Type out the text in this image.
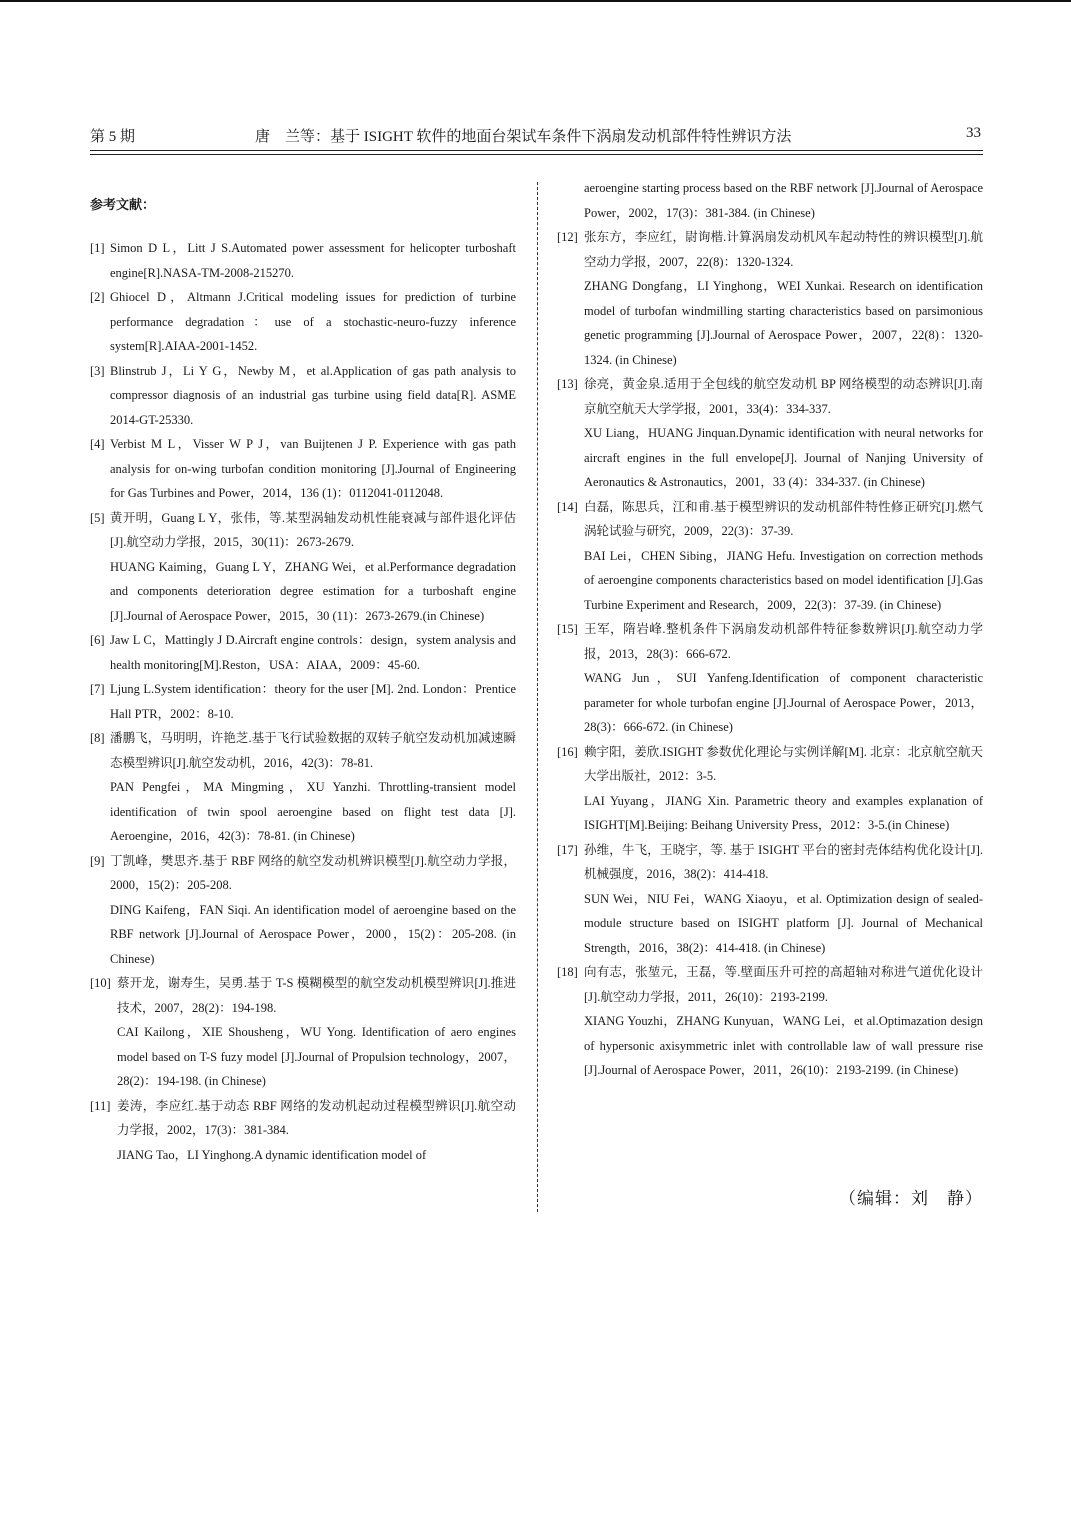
第 5 期	唐　兰等：基于 ISIGHT 软件的地面台架试车条件下涡扇发动机部件特性辨识方法	33
参考文献：
[1] Simon D L，Litt J S.Automated power assessment for helicopter turboshaft engine[R].NASA-TM-2008-215270.
[2] Ghiocel D，Altmann J.Critical modeling issues for prediction of turbine performance degradation：use of a stochastic-neuro-fuzzy inference system[R].AIAA-2001-1452.
[3] Blinstrub J，Li Y G，Newby M，et al.Application of gas path analysis to compressor diagnosis of an industrial gas turbine using field data[R]. ASME 2014-GT-25330.
[4] Verbist M L，Visser W P J，van Buijtenen J P. Experience with gas path analysis for on-wing turbofan condition monitoring [J].Journal of Engineering for Gas Turbines and Power，2014，136 (1)：0112041-0112048.
[5] 黄开明，Guang L Y，张伟，等.某型涡轴发动机性能衰减与部件退化评估[J].航空动力学报，2015，30(11)：2673-2679.
HUANG Kaiming，Guang L Y，ZHANG Wei，et al.Performance degradation and components deterioration degree estimation for a turboshaft engine [J].Journal of Aerospace Power，2015，30 (11)：2673-2679.(in Chinese)
[6] Jaw L C，Mattingly J D.Aircraft engine controls：design，system analysis and health monitoring[M].Reston，USA：AIAA，2009：45-60.
[7] Ljung L.System identification：theory for the user [M]. 2nd. London：Prentice Hall PTR，2002：8-10.
[8] 潘鹏飞，马明明，许艳芝.基于飞行试验数据的双转子航空发动机加减速瞬态模型辨识[J].航空发动机，2016，42(3)：78-81.
PAN Pengfei，MA Mingming，XU Yanzhi. Throttling-transient model identification of twin spool aeroengine based on flight test data [J]. Aeroengine，2016，42(3)：78-81. (in Chinese)
[9] 丁凯峰，樊思齐.基于 RBF 网络的航空发动机辨识模型[J].航空动力学报，2000，15(2)：205-208.
DING Kaifeng，FAN Siqi. An identification model of aeroengine based on the RBF network [J].Journal of Aerospace Power，2000，15(2)：205-208. (in Chinese)
[10] 蔡开龙，谢寿生，吴勇.基于 T-S 模糊模型的航空发动机模型辨识[J].推进技术，2007，28(2)：194-198.
CAI Kailong，XIE Shousheng，WU Yong. Identification of aero engines model based on T-S fuzy model [J].Journal of Propulsion technology，2007，28(2)：194-198. (in Chinese)
[11] 姜涛，李应红.基于动态 RBF 网络的发动机起动过程模型辨识[J].航空动力学报，2002，17(3)：381-384.
JIANG Tao，LI Yinghong.A dynamic identification model of
aeroengine starting process based on the RBF network [J].Journal of Aerospace Power，2002，17(3)：381-384. (in Chinese)
[12] 张东方，李应红，尉询楷.计算涡扇发动机风车起动特性的辨识模型[J].航空动力学报，2007，22(8)：1320-1324.
ZHANG Dongfang，LI Yinghong，WEI Xunkai. Research on identification model of turbofan windmilling starting characteristics based on parsimonious genetic programming [J].Journal of Aerospace Power，2007，22(8)：1320-1324. (in Chinese)
[13] 徐亮，黄金泉.适用于全包线的航空发动机 BP 网络模型的动态辨识[J].南京航空航天大学学报，2001，33(4)：334-337.
XU Liang，HUANG Jinquan.Dynamic identification with neural networks for aircraft engines in the full envelope[J]. Journal of Nanjing University of Aeronautics & Astronautics，2001，33 (4)：334-337. (in Chinese)
[14] 白磊，陈思兵，江和甫.基于模型辨识的发动机部件特性修正研究[J].燃气涡轮试验与研究，2009，22(3)：37-39.
BAI Lei，CHEN Sibing，JIANG Hefu. Investigation on correction methods of aeroengine components characteristics based on model identification [J].Gas Turbine Experiment and Research，2009，22(3)：37-39. (in Chinese)
[15] 王军，隋岩峰.整机条件下涡扇发动机部件特征参数辨识[J].航空动力学报，2013，28(3)：666-672.
WANG Jun，SUI Yanfeng.Identification of component characteristic parameter for whole turbofan engine [J].Journal of Aerospace Power，2013，28(3)：666-672. (in Chinese)
[16] 赖宇阳，姜欣.ISIGHT 参数优化理论与实例详解[M]. 北京：北京航空航天大学出版社，2012：3-5.
LAI Yuyang，JIANG Xin. Parametric theory and examples explanation of ISIGHT[M].Beijing: Beihang University Press，2012：3-5.(in Chinese)
[17] 孙维，牛飞，王晓宇，等. 基于 ISIGHT 平台的密封壳体结构优化设计[J].机械强度，2016，38(2)：414-418.
SUN Wei，NIU Fei，WANG Xiaoyu，et al. Optimization design of sealed-module structure based on ISIGHT platform [J]. Journal of Mechanical Strength，2016，38(2)：414-418. (in Chinese)
[18] 向有志，张堃元，王磊，等.壁面压升可控的高超轴对称进气道优化设计[J].航空动力学报，2011，26(10)：2193-2199.
XIANG Youzhi，ZHANG Kunyuan，WANG Lei，et al.Optimazation design of hypersonic axisymmetric inlet with controllable law of wall pressure rise [J].Journal of Aerospace Power，2011，26(10)：2193-2199. (in Chinese)
（编辑：刘　静）
